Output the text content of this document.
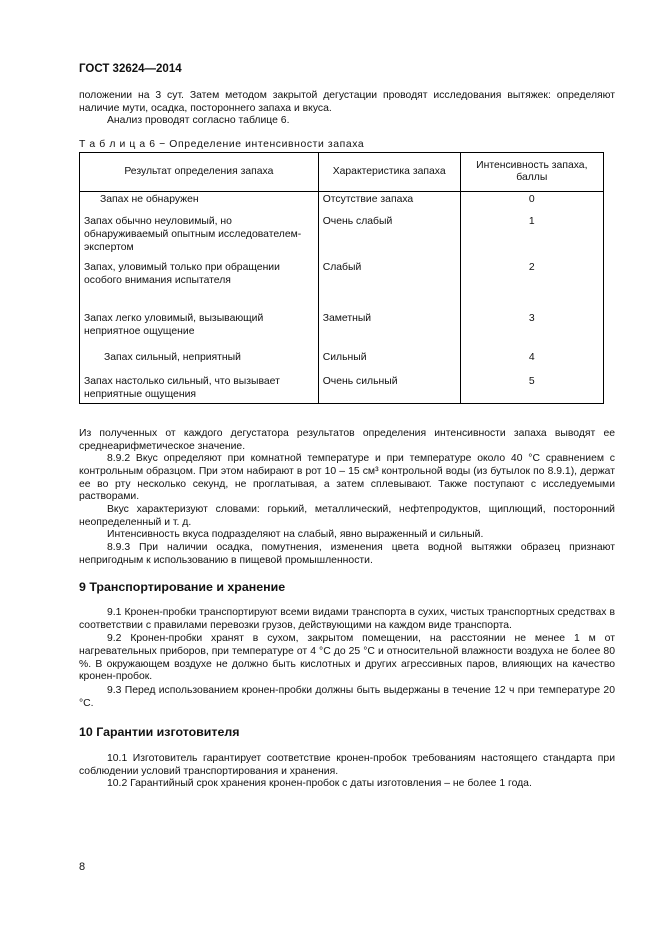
ГОСТ 32624—2014

положении на 3 сут. Затем методом закрытой дегустации проводят исследования вытяжек: определяют наличие мути, осадка, постороннего запаха и вкуса.

Анализ проводят согласно таблице 6.

Т а б л и ц а 6 − Определение интенсивности запаха
Результат определения запаха	Характеристика запаха	Интенсивность запаха, баллы
Запах не обнаружен	Отсутствие запаха	0
Запах обычно неуловимый, но обнаруживаемый опытным исследователем-экспертом	Очень слабый	1
Запах, уловимый только при обращении особого внимания испытателя	Слабый	2
Запах легко уловимый, вызывающий неприятное ощущение	Заметный	3
Запах сильный, неприятный	Сильный	4
Запах настолько сильный, что вызывает неприятные ощущения	Очень сильный	5

Из полученных от каждого дегустатора результатов определения интенсивности запаха выводят ее среднеарифметическое значение.

8.9.2 Вкус определяют при комнатной температуре и при температуре около 40 °С сравнением с контрольным образцом. При этом набирают в рот 10 – 15 см³ контрольной воды (из бутылок по 8.9.1), держат ее во рту несколько секунд, не проглатывая, а затем сплевывают. Также поступают с исследуемыми растворами.

Вкус характеризуют словами: горький, металлический, нефтепродуктов, щиплющий, посторонний неопределенный и т. д.

Интенсивность вкуса подразделяют на слабый, явно выраженный и сильный.

8.9.3 При наличии осадка, помутнения, изменения цвета водной вытяжки образец признают непригодным к использованию в пищевой промышленности.

9 Транспортирование и хранение

9.1 Кронен-пробки транспортируют всеми видами транспорта в сухих, чистых транспортных средствах в соответствии с правилами перевозки грузов, действующими на каждом виде транспорта.

9.2 Кронен-пробки хранят в сухом, закрытом помещении, на расстоянии не менее 1 м от нагревательных приборов, при температуре от 4 °С до 25 °С и относительной влажности воздуха не более 80 %. В окружающем воздухе не должно быть кислотных и других агрессивных паров, влияющих на качество кронен-пробок.

9.3 Перед использованием кронен-пробки должны быть выдержаны в течение 12 ч при температуре 20 °С.

10 Гарантии изготовителя

10.1 Изготовитель гарантирует соответствие кронен-пробок требованиям настоящего стандарта при соблюдении условий транспортирования и хранения.

10.2 Гарантийный срок хранения кронен-пробок с даты изготовления – не более 1 года.

8
